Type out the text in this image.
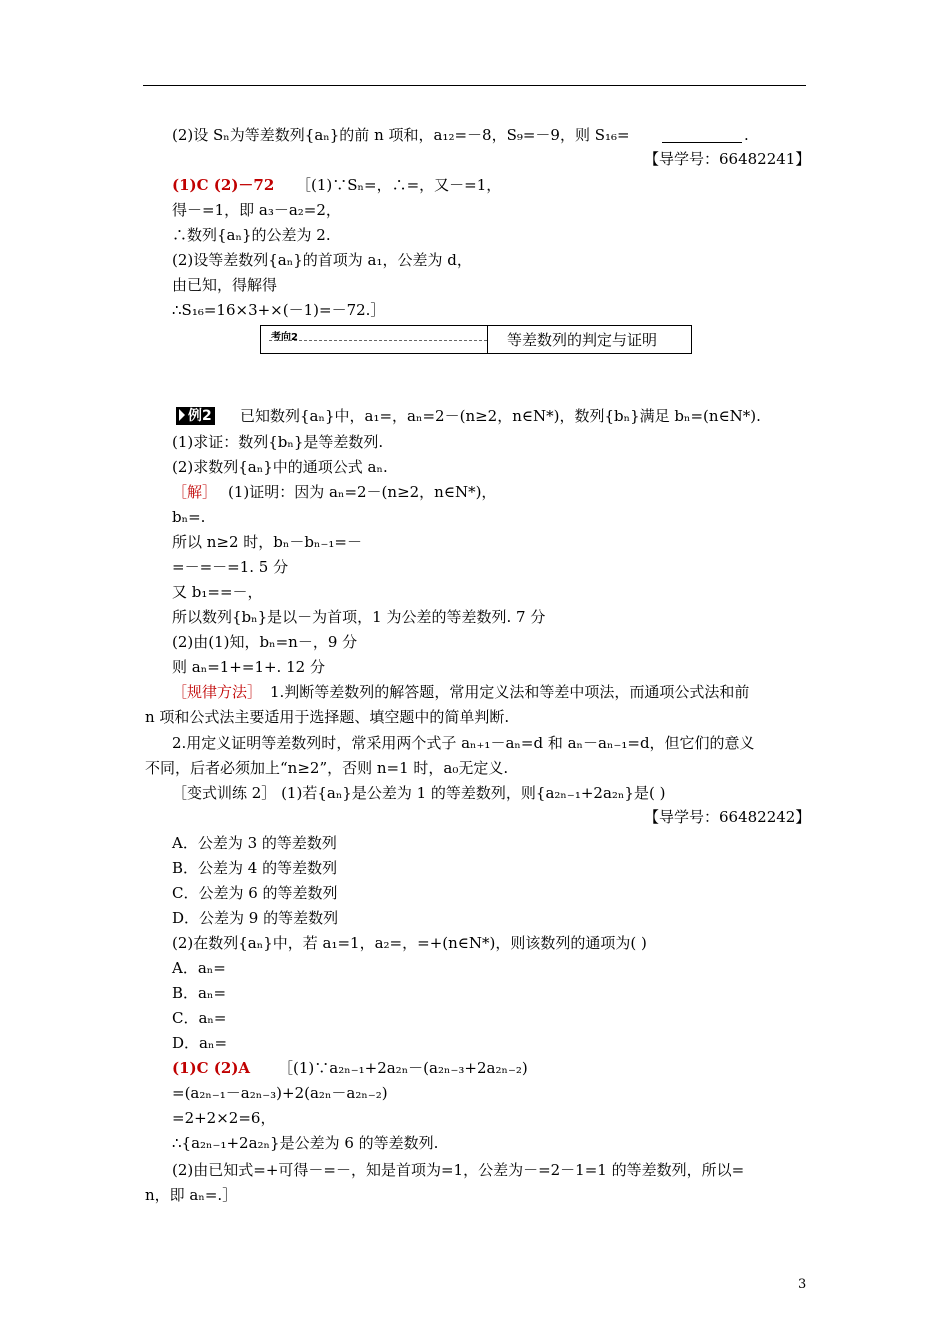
(2)设 Sₙ为等差数列{aₙ}的前 n 项和，a₁₂=－8，S₉=－9，则 S₁₆=
【导学号：66482241】
(1)C (2)－72 ［(1)∵Sₙ=，∴=，又－=1，
得－=1，即 a₃－a₂=2，
∴数列{aₙ}的公差为 2.
(2)设等差数列{aₙ}的首项为 a₁，公差为 d，
由已知，得解得
∴S₁₆=16×3+×(－1)=－72.］
已知数列{aₙ}中，a₁=，aₙ=2－(n≥2，n∈N*)，数列{bₙ}满足 bₙ=(n∈N*).
(1)求证：数列{bₙ}是等差数列.
(2)求数列{aₙ}中的通项公式 aₙ.
［解］ (1)证明：因为 aₙ=2－(n≥2，n∈N*)，
bₙ=.
所以 n≥2 时，bₙ－bₙ₋₁=－
=－=－=1. 5 分
又 b₁==－，
所以数列{bₙ}是以－为首项，1 为公差的等差数列. 7 分
(2)由(1)知，bₙ=n－，9 分
则 aₙ=1+=1+. 12 分
［规律方法］ 1.判断等差数列的解答题，常用定义法和等差中项法，而通项公式法和前
n 项和公式法主要适用于选择题、填空题中的简单判断.
2.用定义证明等差数列时，常采用两个式子 aₙ₊₁－aₙ=d 和 aₙ－aₙ₋₁=d，但它们的意义
不同，后者必须加上“n≥2”，否则 n=1 时，a₀无定义.
［变式训练 2］ (1)若{aₙ}是公差为 1 的等差数列，则{a₂ₙ₋₁+2a₂ₙ}是( )
【导学号：66482242】
A．公差为 3 的等差数列
B．公差为 4 的等差数列
C．公差为 6 的等差数列
D．公差为 9 的等差数列
(2)在数列{aₙ}中，若 a₁=1，a₂=，=+(n∈N*)，则该数列的通项为( )
A．aₙ=
B．aₙ=
C．aₙ=
D．aₙ=
(1)C (2)A ［(1)∵a₂ₙ₋₁+2a₂ₙ－(a₂ₙ₋₃+2a₂ₙ₋₂)
=(a₂ₙ₋₁－a₂ₙ₋₃)+2(a₂ₙ－a₂ₙ₋₂)
=2+2×2=6，
∴{a₂ₙ₋₁+2a₂ₙ}是公差为 6 的等差数列.
(2)由已知式=+可得－=－，知是首项为=1，公差为－=2－1=1 的等差数列，所以=
n，即 aₙ=.］
.
考向2	等差数列的判定与证明
例2
3
